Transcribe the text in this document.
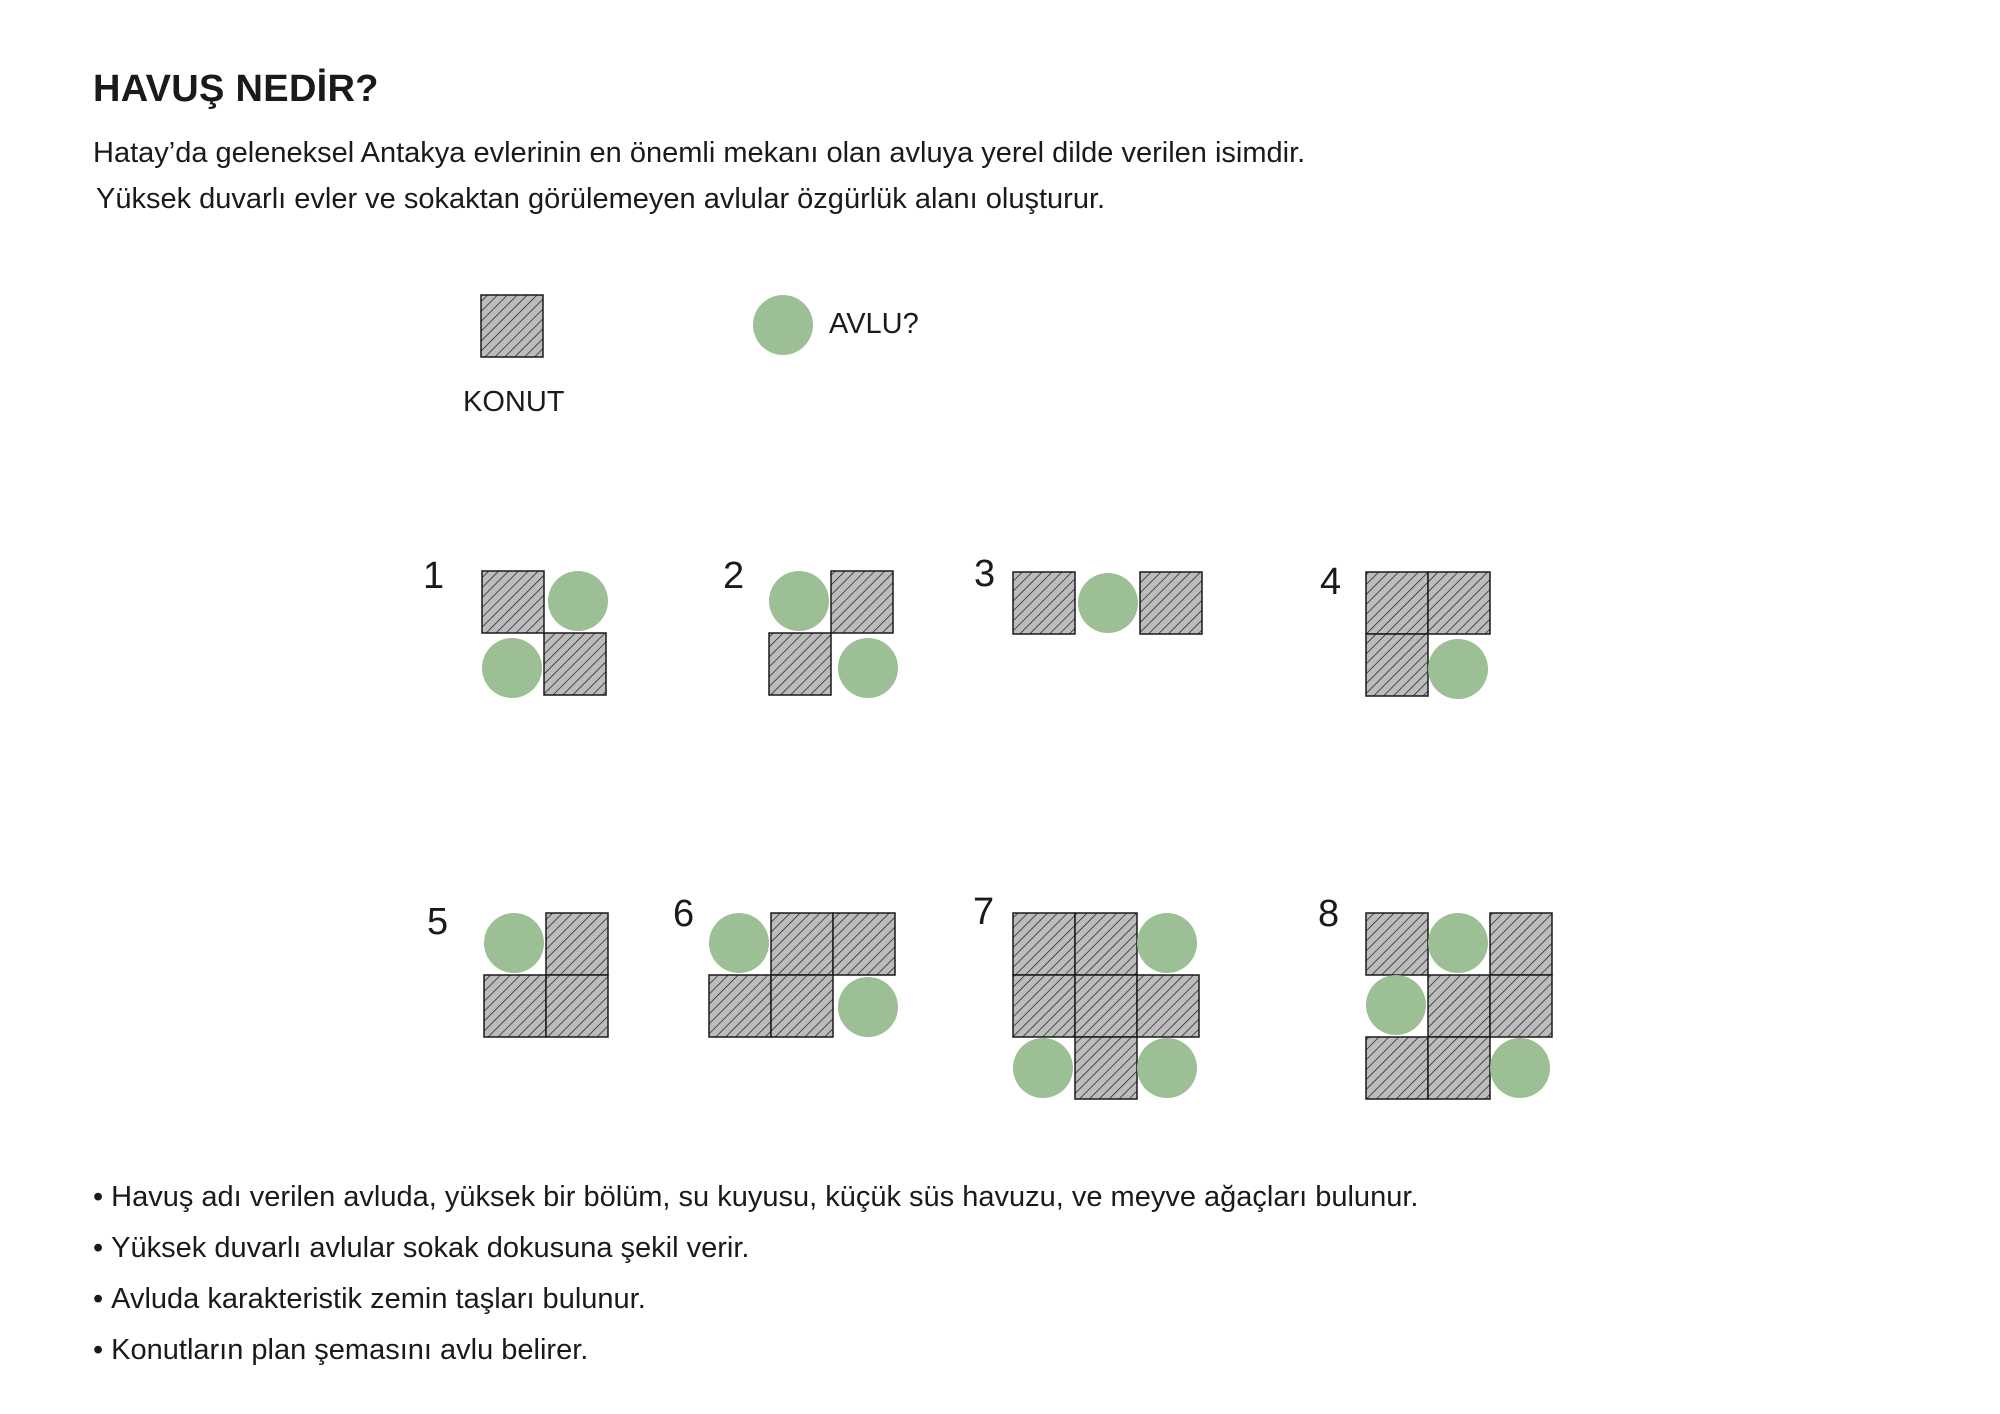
HAVUŞ NEDİR?

Hatay’da geleneksel Antakya evlerinin en önemli mekanı olan avluya yerel dilde verilen isimdir.

Yüksek duvarlı evler ve sokaktan görülemeyen avlular özgürlük alanı oluşturur.

1	2	3	4
5	6	7	8
KONUT
AVLU?
• Havuş adı verilen avluda, yüksek bir bölüm, su kuyusu, küçük süs havuzu, ve meyve ağaçları bulunur.
• Yüksek duvarlı avlular sokak dokusuna şekil verir.
• Avluda karakteristik zemin taşları bulunur.
• Konutların plan şemasını avlu belirer.
